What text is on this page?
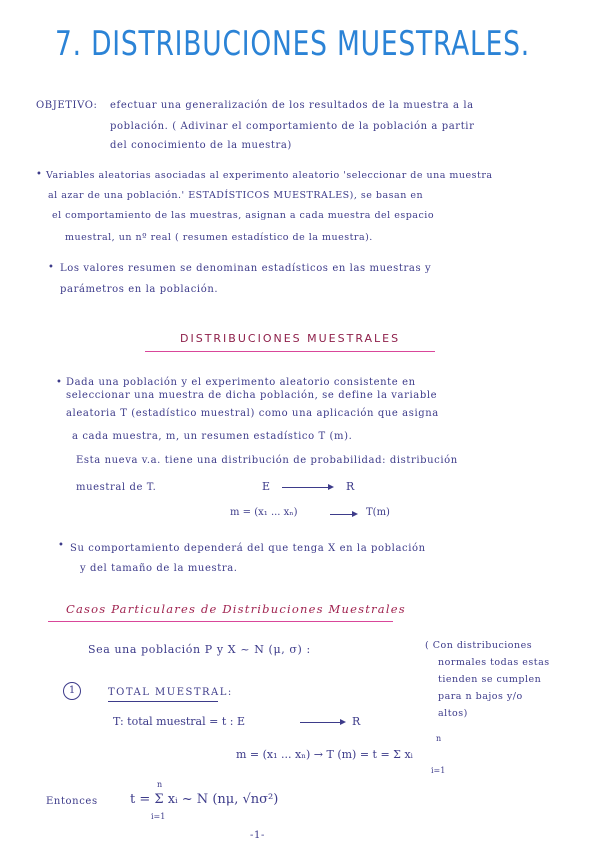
7. DISTRIBUCIONES MUESTRALES.
OBJETIVO: efectuar una generalización de los resultados de la muestra a la
población. ( Adivinar el comportamiento de la población a partir
del conocimiento de la muestra)
• Variables aleatorias asociadas al experimento aleatorio 'seleccionar de una muestra
al azar de una población.' ESTADÍSTICOS MUESTRALES), se basan en
el comportamiento de las muestras, asignan a cada muestra del espacio
muestral, un nº real ( resumen estadístico de la muestra).
• Los valores resumen se denominan estadísticos en las muestras y
parámetros en la población.
DISTRIBUCIONES MUESTRALES
• Dada una población y el experimento aleatorio consistente en
seleccionar una muestra de dicha población, se define la variable
aleatoria T (estadístico muestral) como una aplicación que asigna
a cada muestra, m, un resumen estadístico T (m).
Esta nueva v.a. tiene una distribución de probabilidad: distribución
muestral de T.	E	R
m = (x₁ ... xₙ)	T(m)
• Su comportamiento dependerá del que tenga X en la población
y del tamaño de la muestra.
Casos Particulares de Distribuciones Muestrales
Sea una población P y X ~ N (μ, σ) :	( Con distribuciones
normales todas estas
tienden se cumplen
para n bajos y/o
altos)
1	TOTAL MUESTRAL:
T: total muestral = t : E	R
m = (x₁ ... xₙ) → T (m) = t = Σ xᵢ
n
i=1
Entonces t = Σ xᵢ ~ N (nμ, √nσ²)
n
i=1
-1-
